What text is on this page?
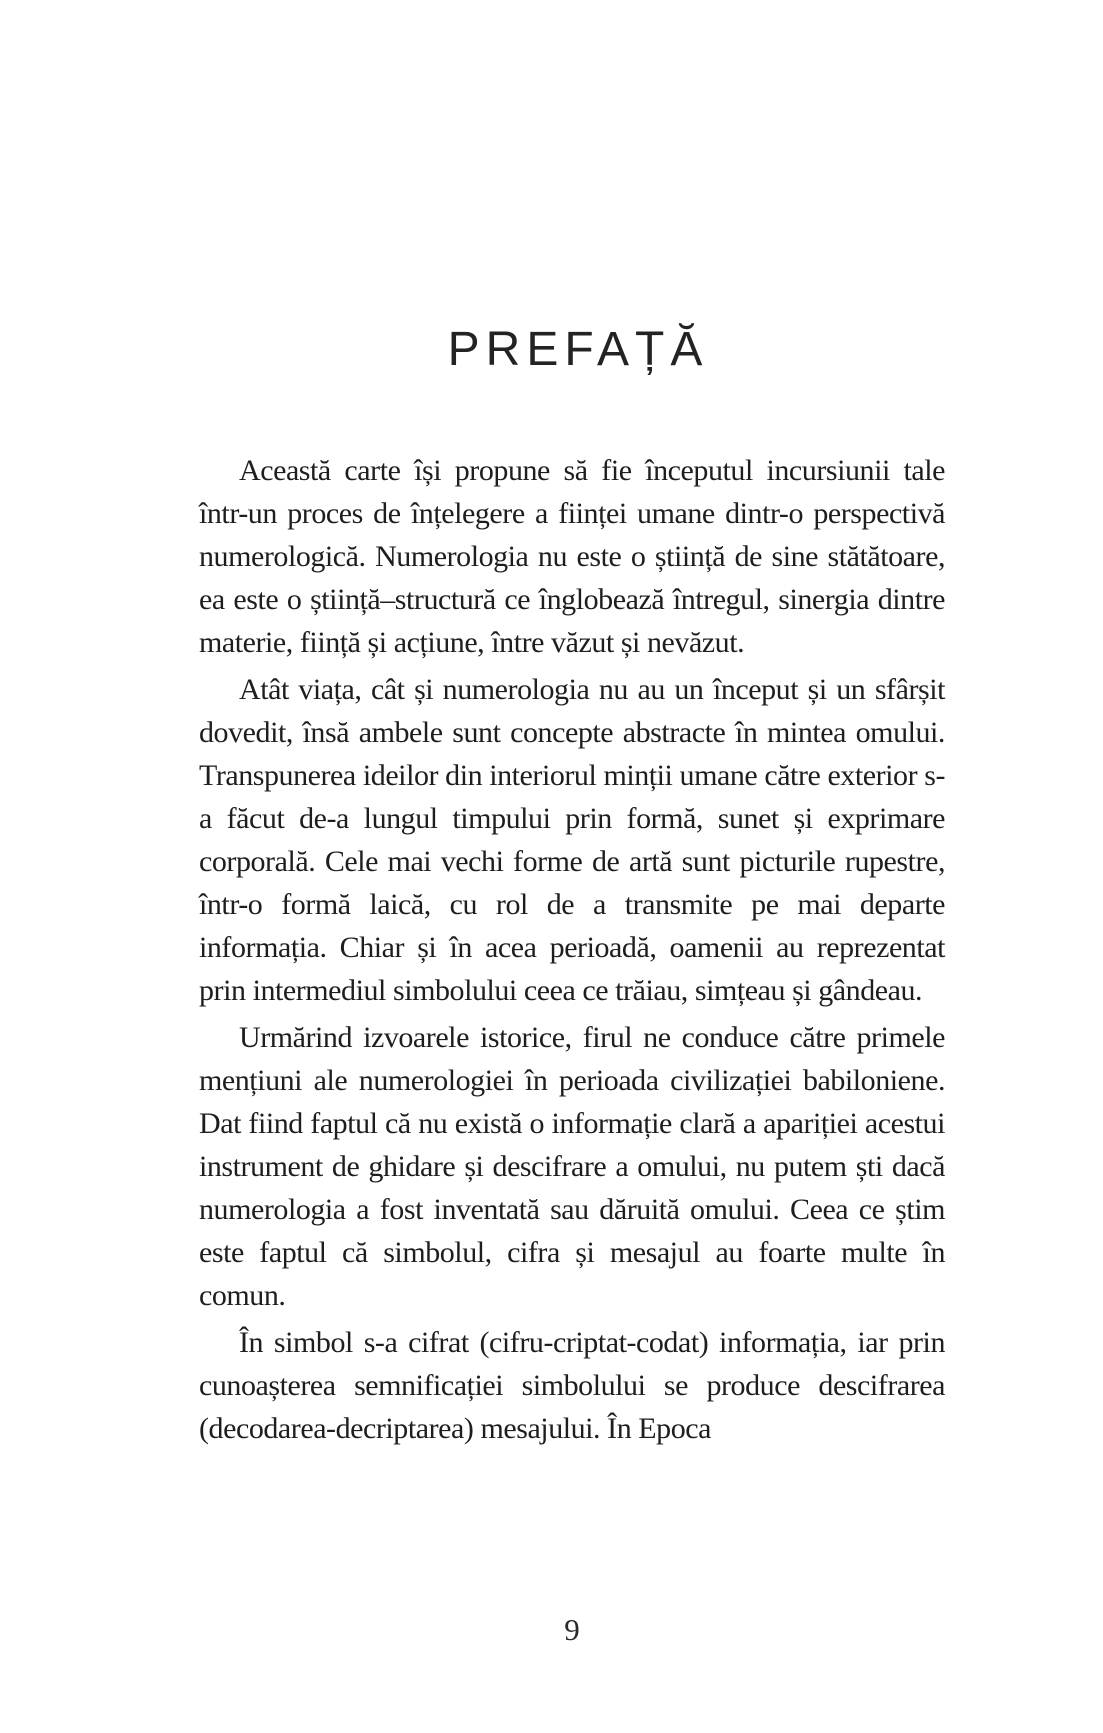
PREFAȚĂ

Această carte își propune să fie începutul incursiunii tale într-un proces de înțelegere a ființei umane dintr-o perspectivă numerologică. Numerologia nu este o știință de sine stătătoare, ea este o știință–structură ce înglobează întregul, sinergia dintre materie, ființă și acțiune, între văzut și nevăzut.

Atât viața, cât și numerologia nu au un început și un sfârșit dovedit, însă ambele sunt concepte abstracte în mintea omului. Transpunerea ideilor din interiorul minții umane către exterior s-a făcut de-a lungul timpului prin formă, sunet și exprimare corporală. Cele mai vechi forme de artă sunt picturile rupestre, într-o formă laică, cu rol de a transmite pe mai departe informația. Chiar și în acea perioadă, oamenii au reprezentat prin intermediul simbolului ceea ce trăiau, simțeau și gândeau.

Urmărind izvoarele istorice, firul ne conduce către primele mențiuni ale numerologiei în perioada civilizației babiloniene. Dat fiind faptul că nu există o informație clară a apariției acestui instrument de ghidare și descifrare a omului, nu putem ști dacă numerologia a fost inventată sau dăruită omului. Ceea ce știm este faptul că simbolul, cifra și mesajul au foarte multe în comun.

În simbol s-a cifrat (cifru-criptat-codat) informația, iar prin cunoașterea semnificației simbolului se produce descifrarea (decodarea-decriptarea) mesajului. În Epoca

9
